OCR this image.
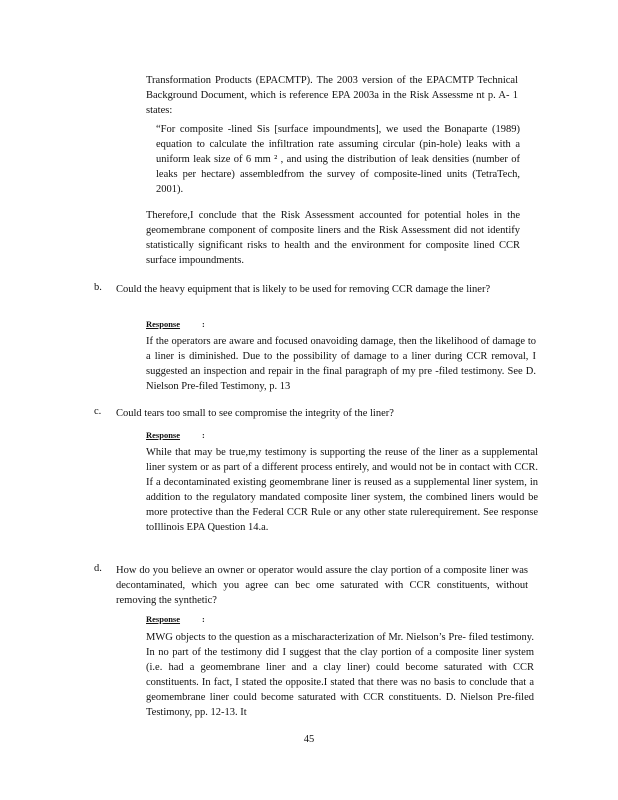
Transformation Products (EPACMTP). The 2003 version of the EPACMTP Technical Background Document, which is reference EPA 2003a in the Risk Assessme nt p. A- 1 states:

“For composite -lined Sis [surface impoundments], we used the Bonaparte (1989) equation to calculate the infiltration rate assuming circular (pin-hole) leaks with a uniform leak size of 6 mm ² , and using the distribution of leak densities (number of leaks per hectare) assembledfrom the survey of composite-lined units (TetraTech, 2001).

Therefore,I conclude that the Risk Assessment accounted for potential holes in the geomembrane component of composite liners and the Risk Assessment did not identify statistically significant risks to health and the environment for composite lined CCR surface impoundments.

b. Could the heavy equipment that is likely to be used for removing CCR damage the liner?

Response	:

If the operators are aware and focused onavoiding damage, then the likelihood of damage to a liner is diminished. Due to the possibility of damage to a liner during CCR removal, I suggested an inspection and repair in the final paragraph of my pre -filed testimony. See D. Nielson Pre-filed Testimony, p. 13

c. Could tears too small to see compromise the integrity of the liner?

Response	:

While that may be true,my testimony is supporting the reuse of the liner as a supplemental liner system or as part of a different process entirely, and would not be in contact with CCR. If a decontaminated existing geomembrane liner is reused as a supplemental liner system, in addition to the regulatory mandated composite liner system, the combined liners would be more protective than the Federal CCR Rule or any other state rulerequirement. See response toIllinois EPA Question 14.a.

d. How do you believe an owner or operator would assure the clay portion of a composite liner was decontaminated, which you agree can bec ome saturated with CCR constituents, without removing the synthetic?

Response	:

MWG objects to the question as a mischaracterization of Mr. Nielson’s Pre- filed testimony. In no part of the testimony did I suggest that the clay portion of a composite liner system (i.e. had a geomembrane liner and a clay liner) could become saturated with CCR constituents. In fact, I stated the opposite.I stated that there was no basis to conclude that a geomembrane liner could become saturated with CCR constituents. D. Nielson Pre-filed Testimony, pp. 12-13. It

45
